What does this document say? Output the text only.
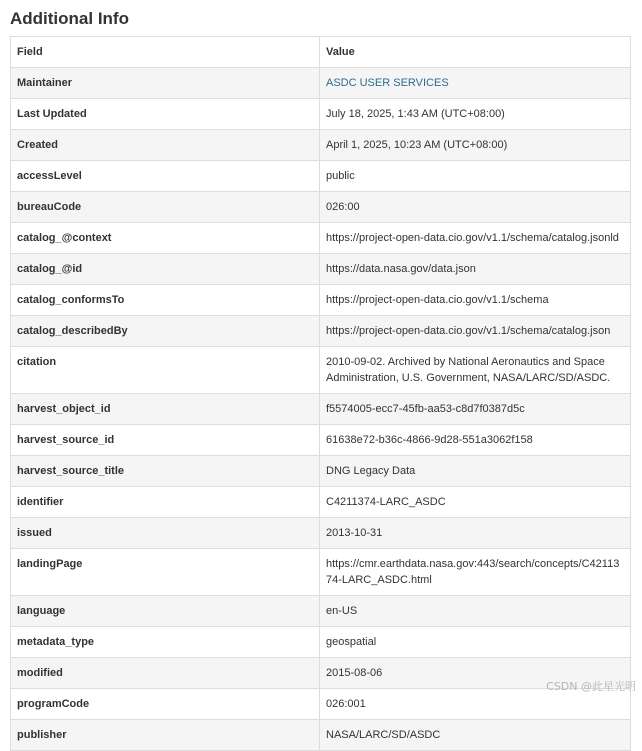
Additional Info
Field	Value
Maintainer	ASDC USER SERVICES
Last Updated	July 18, 2025, 1:43 AM (UTC+08:00)
Created	April 1, 2025, 10:23 AM (UTC+08:00)
accessLevel	public
bureauCode	026:00
catalog_@context	https://project-open-data.cio.gov/v1.1/schema/catalog.jsonld
catalog_@id	https://data.nasa.gov/data.json
catalog_conformsTo	https://project-open-data.cio.gov/v1.1/schema
catalog_describedBy	https://project-open-data.cio.gov/v1.1/schema/catalog.json
citation	2010-09-02. Archived by National Aeronautics and Space Administration, U.S. Government, NASA/LARC/SD/ASDC.
harvest_object_id	f5574005-ecc7-45fb-aa53-c8d7f0387d5c
harvest_source_id	61638e72-b36c-4866-9d28-551a3062f158
harvest_source_title	DNG Legacy Data
identifier	C4211374-LARC_ASDC
issued	2013-10-31
landingPage	https://cmr.earthdata.nasa.gov:443/search/concepts/C4211374-LARC_ASDC.html
language	en-US
metadata_type	geospatial
modified	2015-08-06
programCode	026:001
publisher	NASA/LARC/SD/ASDC
CSDN @此星光明
